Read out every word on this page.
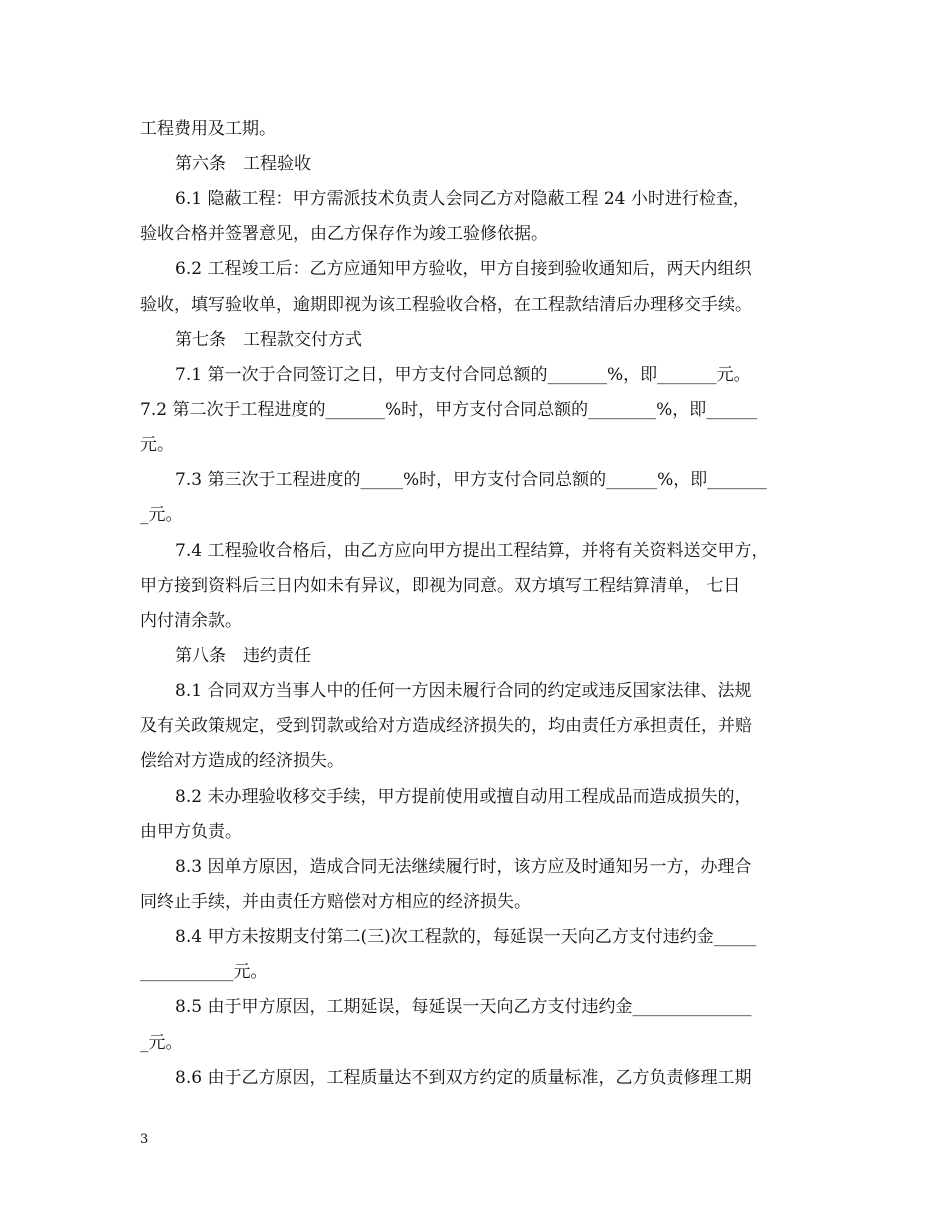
工程费用及工期。

第六条　工程验收

6.1 隐蔽工程：甲方需派技术负责人会同乙方对隐蔽工程 24 小时进行检查，

验收合格并签署意见，由乙方保存作为竣工验修依据。

6.2 工程竣工后：乙方应通知甲方验收，甲方自接到验收通知后，两天内组织

验收，填写验收单，逾期即视为该工程验收合格，在工程款结清后办理移交手续。

第七条　工程款交付方式

7.1 第一次于合同签订之日，甲方支付合同总额的_______%，即_______元。

7.2 第二次于工程进度的_______%时，甲方支付合同总额的________%，即______

元。

7.3 第三次于工程进度的_____%时，甲方支付合同总额的______%，即_______

_元。

7.4 工程验收合格后，由乙方应向甲方提出工程结算，并将有关资料送交甲方，

甲方接到资料后三日内如未有异议，即视为同意。双方填写工程结算清单， 七日

内付清余款。

第八条　违约责任

8.1 合同双方当事人中的任何一方因未履行合同的约定或违反国家法律、法规

及有关政策规定，受到罚款或给对方造成经济损失的，均由责任方承担责任，并赔

偿给对方造成的经济损失。

8.2 未办理验收移交手续，甲方提前使用或擅自动用工程成品而造成损失的，

由甲方负责。

8.3 因单方原因，造成合同无法继续履行时，该方应及时通知另一方，办理合

同终止手续，并由责任方赔偿对方相应的经济损失。

8.4 甲方未按期支付第二(三)次工程款的，每延误一天向乙方支付违约金_____

___________元。

8.5 由于甲方原因，工期延误，每延误一天向乙方支付违约金______________

_元。

8.6 由于乙方原因，工程质量达不到双方约定的质量标准，乙方负责修理工期

3
